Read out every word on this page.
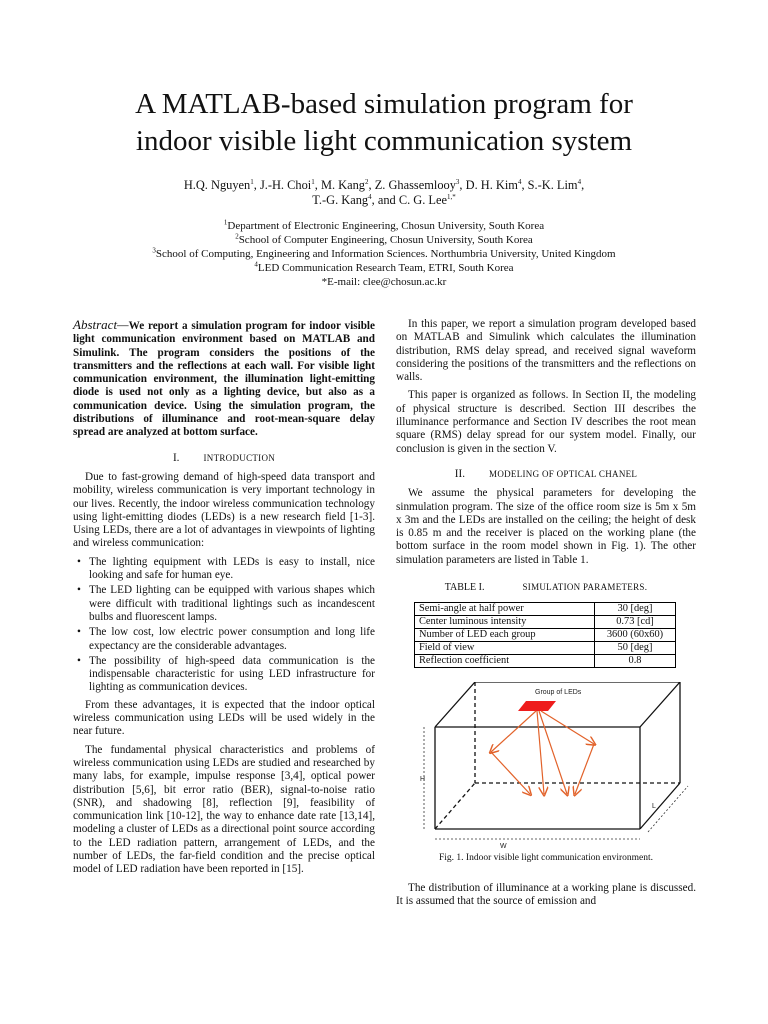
A MATLAB-based simulation program for
indoor visible light communication system
H.Q. Nguyen$^1$, J.-H. Choi$^1$, M. Kang$^2$, Z. Ghassemlooy$^3$, D. H. Kim$^4$, S.-K. Lim$^4$,
T.-G. Kang$^4$, and C. G. Lee$^{1,*}$
$^1$Department of Electronic Engineering, Chosun University, South Korea
$^2$School of Computer Engineering, Chosun University, South Korea
$^3$School of Computing, Engineering and Information Sciences. Northumbria University, United Kingdom
$^4$LED Communication Research Team, ETRI, South Korea
*E-mail: clee@chosun.ac.kr

Abstract—We report a simulation program for indoor visible light communication environment based on MATLAB and Simulink. The program considers the positions of the transmitters and the reflections at each wall. For visible light communication environment, the illumination light-emitting diode is used not only as a lighting device, but also as a communication device. Using the simulation program, the distributions of illuminance and root-mean-square delay spread are analyzed at bottom surface.

I.	INTRODUCTION

Due to fast-growing demand of high-speed data transport and mobility, wireless communication is very important technology in our lives. Recently, the indoor wireless communication technology using light-emitting diodes (LEDs) is a new research field [1-3]. Using LEDs, there are a lot of advantages in viewpoints of lighting and wireless communication:

• The lighting equipment with LEDs is easy to install, nice looking and safe for human eye.
• The LED lighting can be equipped with various shapes which were difficult with traditional lightings such as incandescent bulbs and fluorescent lamps.
• The low cost, low electric power consumption and long life expectancy are the considerable advantages.
• The possibility of high-speed data communication is the indispensable characteristic for using LED infrastructure for lighting as communication devices.

From these advantages, it is expected that the indoor optical wireless communication using LEDs will be used widely in the near future.

The fundamental physical characteristics and problems of wireless communication using LEDs are studied and researched by many labs, for example, impulse response [3,4], optical power distribution [5,6], bit error ratio (BER), signal-to-noise ratio (SNR), and shadowing [8], reflection [9], feasibility of communication link [10-12], the way to enhance date rate [13,14], modeling a cluster of LEDs as a directional point source according to the LED radiation pattern, arrangement of LEDs, and the number of LEDs, the far-field condition and the precise optical model of LED radiation have been reported in [15].

In this paper, we report a simulation program developed based on MATLAB and Simulink which calculates the illumination distribution, RMS delay spread, and received signal waveform considering the positions of the transmitters and the reflections on walls.

This paper is organized as follows. In Section II, the modeling of physical structure is described. Section III describes the illuminance performance and Section IV describes the root mean square (RMS) delay spread for our system model. Finally, our conclusion is given in the section V.

II.	MODELING OF OPTICAL CHANEL

We assume the physical parameters for developing the sinmulation program. The size of the office room size is 5m x 5m x 3m and the LEDs are installed on the ceiling; the height of desk is 0.85 m and the receiver is placed on the working plane (the bottom surface in the room model shown in Fig. 1). The other simulation parameters are listed in Table 1.

TABLE I.	SIMULATION PARAMETERS.
Semi-angle at half power	30 [deg]
Center luminous intensity	0.73 [cd]
Number of LED each group	3600 (60x60)
Field of view	50 [deg]
Reflection coefficient	0.8
Group of LEDs
H
W
L
Fig. 1. Indoor visible light communication environment.

The distribution of illuminance at a working plane is discussed. It is assumed that the source of emission and
